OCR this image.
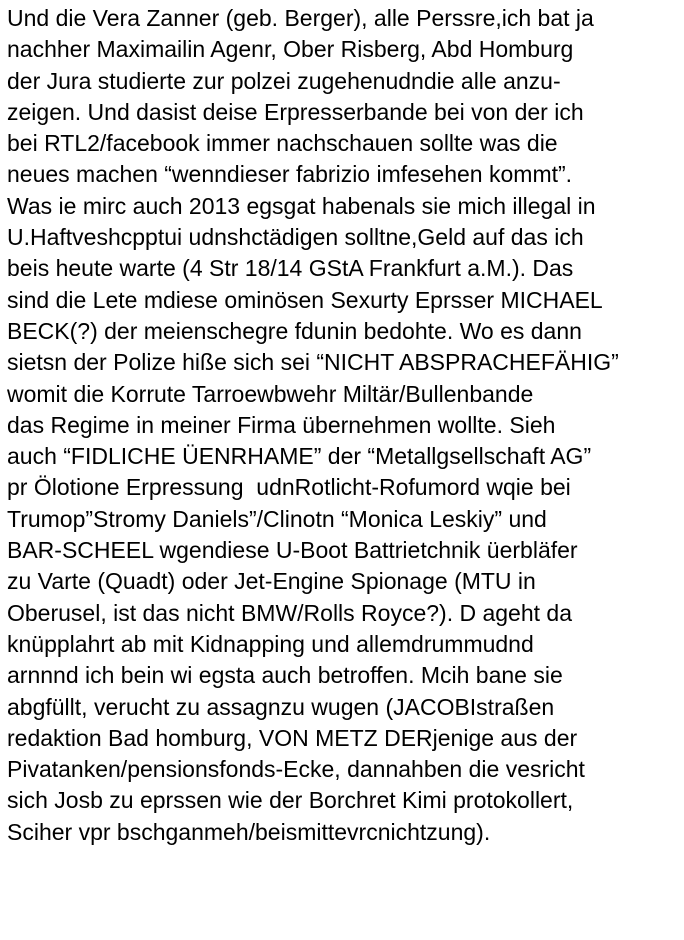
Und die Vera Zanner (geb. Berger), alle Perssre,ich bat ja
nachher Maximailin Agenr, Ober Risberg, Abd Homburg
der Jura studierte zur polzei zugehenudndie alle anzu-
zeigen. Und dasist deise Erpresserbande bei von der ich
bei RTL2/facebook immer nachschauen sollte was die
neues machen “wenndieser fabrizio imfesehen kommt”.
Was ie mirc auch 2013 egsgat habenals sie mich illegal in
U.Haftveshcpptui udnshctädigen solltne,Geld auf das ich
beis heute warte (4 Str 18/14 GStA Frankfurt a.M.). Das
sind die Lete mdiese ominösen Sexurty Eprsser MICHAEL
BECK(?) der meienschegre fdunin bedohte. Wo es dann
sietsn der Polize hiße sich sei “NICHT ABSPRACHEFÄHIG”
womit die Korrute Tarroewbwehr Miltär/Bullenbande
das Regime in meiner Firma übernehmen wollte. Sieh
auch “FIDLICHE ÜENRHAME” der “Metallgsellschaft AG”
pr Ölotione Erpressung  udnRotlicht-Rofumord wqie bei
Trumop”Stromy Daniels”/Clinotn “Monica Leskiy” und
BAR-SCHEEL wgendiese U-Boot Battrietchnik üerbläfer
zu Varte (Quadt) oder Jet-Engine Spionage (MTU in
Oberusel, ist das nicht BMW/Rolls Royce?). D ageht da
knüpplahrt ab mit Kidnapping und allemdrummudnd
arnnnd ich bein wi egsta auch betroffen. Mcih bane sie
abgfüllt, verucht zu assagnzu wugen (JACOBIstraßen
redaktion Bad homburg, VON METZ DERjenige aus der
Pivatanken/pensionsfonds-Ecke, dannahben die vesricht
sich Josb zu eprssen wie der Borchret Kimi protokollert,
Sciher vpr bschganmeh/beismittevrcnichtzung).
